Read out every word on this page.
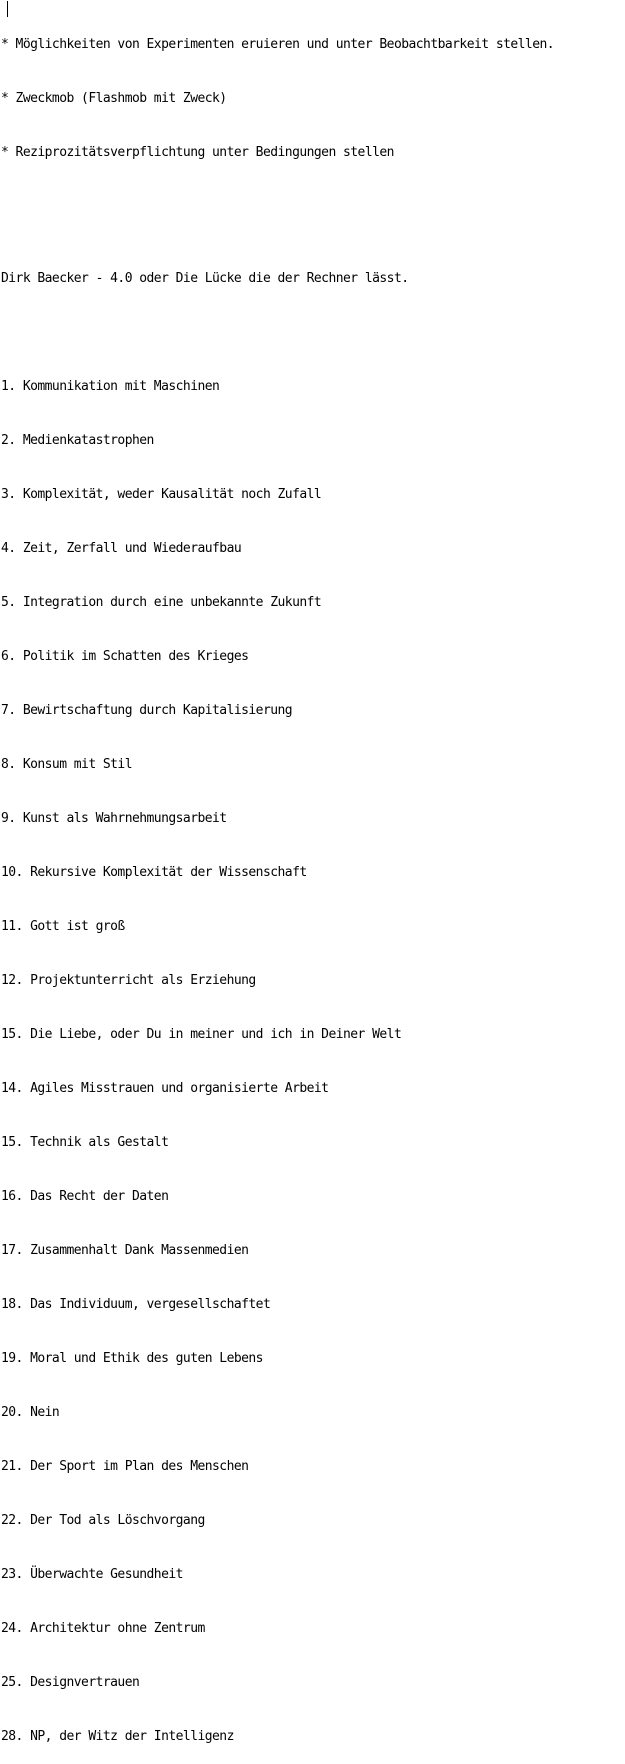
* Möglichkeiten von Experimenten eruieren und unter Beobachtbarkeit stellen.

* Zweckmob (Flashmob mit Zweck)

* Reziprozitätsverpflichtung unter Bedingungen stellen

Dirk Baecker - 4.0 oder Die Lücke die der Rechner lässt.

1. Kommunikation mit Maschinen

2. Medienkatastrophen

3. Komplexität, weder Kausalität noch Zufall

4. Zeit, Zerfall und Wiederaufbau

5. Integration durch eine unbekannte Zukunft

6. Politik im Schatten des Krieges

7. Bewirtschaftung durch Kapitalisierung

8. Konsum mit Stil

9. Kunst als Wahrnehmungsarbeit

10. Rekursive Komplexität der Wissenschaft

11. Gott ist groß

12. Projektunterricht als Erziehung

15. Die Liebe, oder Du in meiner und ich in Deiner Welt

14. Agiles Misstrauen und organisierte Arbeit

15. Technik als Gestalt

16. Das Recht der Daten

17. Zusammenhalt Dank Massenmedien

18. Das Individuum, vergesellschaftet

19. Moral und Ethik des guten Lebens

20. Nein

21. Der Sport im Plan des Menschen

22. Der Tod als Löschvorgang

23. Überwachte Gesundheit

24. Architektur ohne Zentrum

25. Designvertrauen

28. NP, der Witz der Intelligenz
